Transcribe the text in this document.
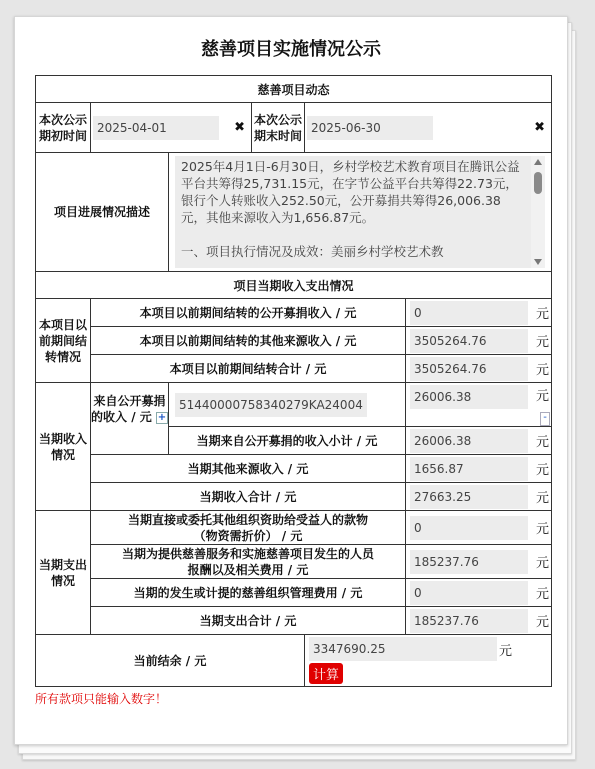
慈善项目实施情况公示
慈善项目动态					
本次公示期初时间	2025-04-01 ✖		本次公示期末时间	2025-06-30 ✖	

项目进展情况描述		2025年4月1日-6月30日，乡村学校艺术教育项目在腾讯公益平台共筹得25,731.15元，在字节公益平台共筹得22.73元，银行个人转账收入252.50元，公开募捐共筹得26,006.38元，其他来源收入为1,656.87元。

一、项目执行情况及成效：美丽乡村学校艺术教			

项目当期收入支出情况					
本项目以前期间结转情况	本项目以前期间结转的公开募捐收入 / 元				0 元

	本项目以前期间结转的其他来源收入 / 元				3505264.76 元

	本项目以前期间结转合计 / 元				3505264.76 元

当期收入情况	来自公开募捐的收入 / 元 +	51440000758340279KA24004			26006.38 元
-

		当期来自公开募捐的收入小计 / 元			26006.38 元

	当期其他来源收入 / 元				1656.87 元

	当期收入合计 / 元				27663.25 元

当期支出情况	当期直接或委托其他组织资助给受益人的款物（物资需折价） / 元				0 元

	当期为提供慈善服务和实施慈善项目发生的人员报酬以及相关费用 / 元				185237.76 元

	当期的发生或计提的慈善组织管理费用 / 元				0 元

	当期支出合计 / 元				185237.76 元

当前结余 / 元				3347690.25 元
计算	
所有款项只能输入数字！
